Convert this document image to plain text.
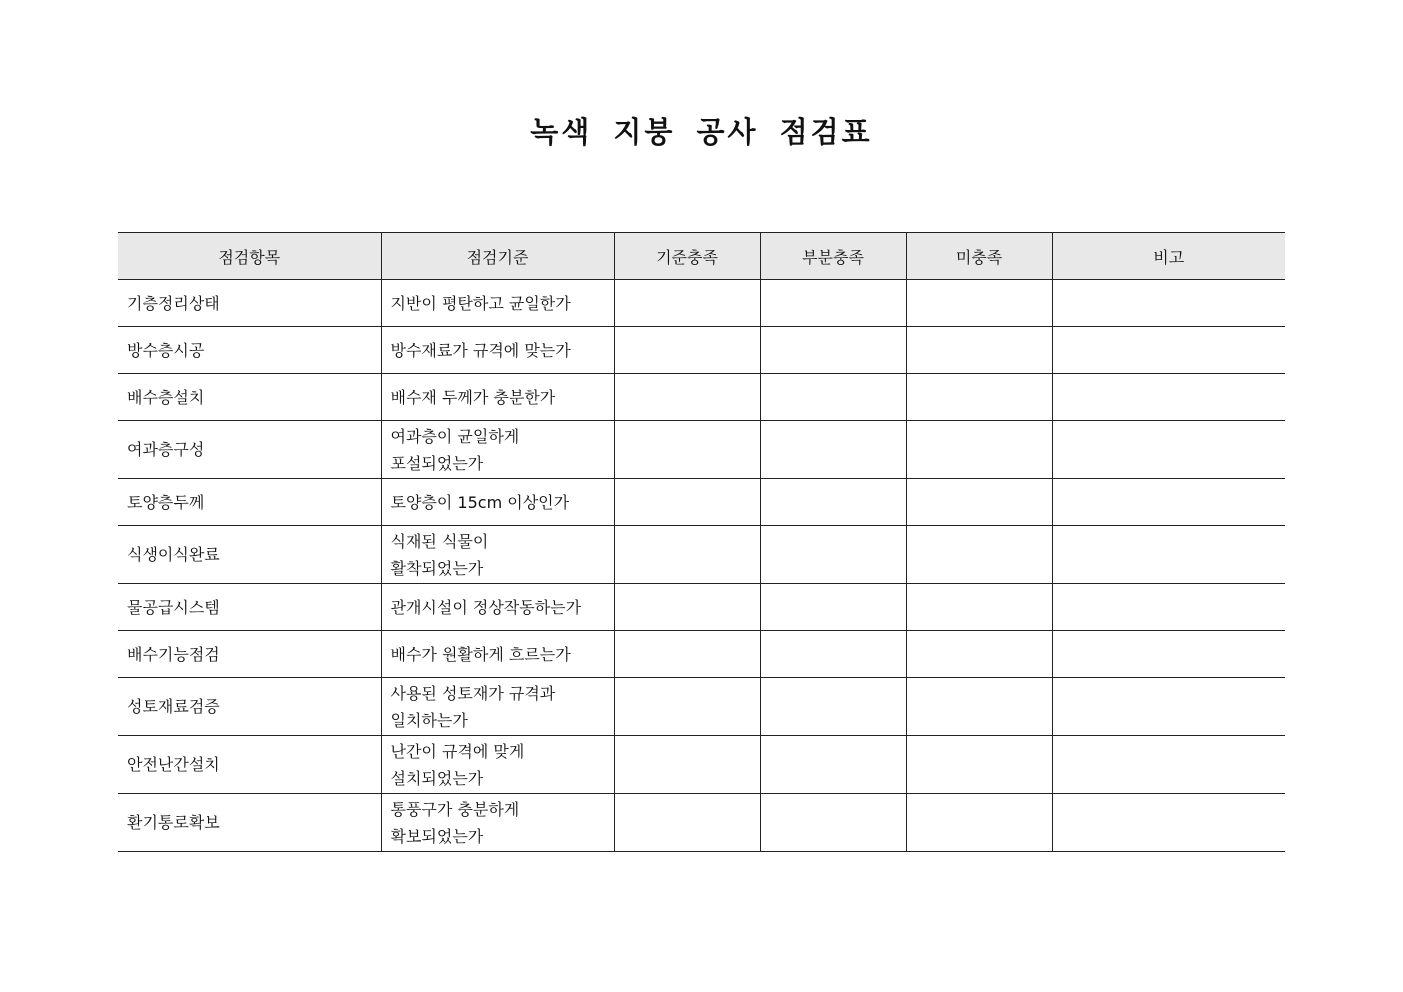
녹색 지붕 공사 점검표
점검항목	점검기준	기준충족	부분충족	미충족	비고
기층정리상태	지반이 평탄하고 균일한가				
방수층시공	방수재료가 규격에 맞는가				
배수층설치	배수재 두께가 충분한가				
여과층구성	여과층이 균일하게
포설되었는가				
토양층두께	토양층이 15cm 이상인가				
식생이식완료	식재된 식물이
활착되었는가				
물공급시스템	관개시설이 정상작동하는가				
배수기능점검	배수가 원활하게 흐르는가				
성토재료검증	사용된 성토재가 규격과
일치하는가				
안전난간설치	난간이 규격에 맞게
설치되었는가				
환기통로확보	통풍구가 충분하게
확보되었는가				
